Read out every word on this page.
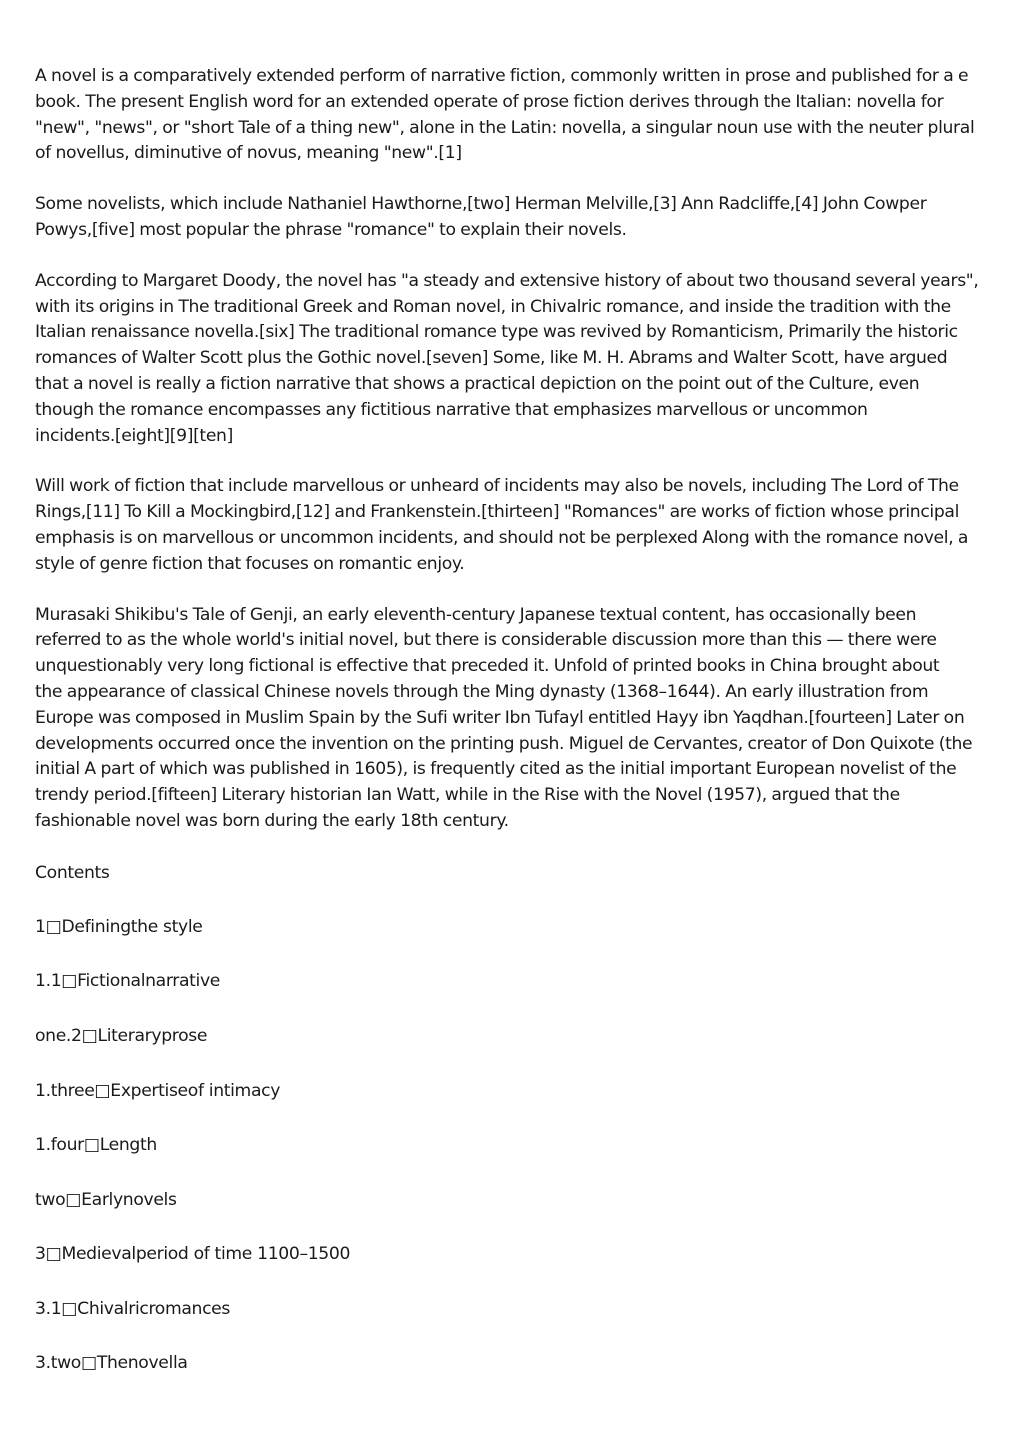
A novel is a comparatively extended perform of narrative fiction, commonly written in prose and published for a e
book. The present English word for an extended operate of prose fiction derives through the Italian: novella for
"new", "news", or "short Tale of a thing new", alone in the Latin: novella, a singular noun use with the neuter plural
of novellus, diminutive of novus, meaning "new".[1]
Some novelists, which include Nathaniel Hawthorne,[two] Herman Melville,[3] Ann Radcliffe,[4] John Cowper
Powys,[five] most popular the phrase "romance" to explain their novels.
According to Margaret Doody, the novel has "a steady and extensive history of about two thousand several years",
with its origins in The traditional Greek and Roman novel, in Chivalric romance, and inside the tradition with the
Italian renaissance novella.[six] The traditional romance type was revived by Romanticism, Primarily the historic
romances of Walter Scott plus the Gothic novel.[seven] Some, like M. H. Abrams and Walter Scott, have argued
that a novel is really a fiction narrative that shows a practical depiction on the point out of the Culture, even
though the romance encompasses any fictitious narrative that emphasizes marvellous or uncommon
incidents.[eight][9][ten]
Will work of fiction that include marvellous or unheard of incidents may also be novels, including The Lord of The
Rings,[11] To Kill a Mockingbird,[12] and Frankenstein.[thirteen] "Romances" are works of fiction whose principal
emphasis is on marvellous or uncommon incidents, and should not be perplexed Along with the romance novel, a
style of genre fiction that focuses on romantic enjoy.
Murasaki Shikibu's Tale of Genji, an early eleventh-century Japanese textual content, has occasionally been
referred to as the whole world's initial novel, but there is considerable discussion more than this — there were
unquestionably very long fictional is effective that preceded it. Unfold of printed books in China brought about
the appearance of classical Chinese novels through the Ming dynasty (1368–1644). An early illustration from
Europe was composed in Muslim Spain by the Sufi writer Ibn Tufayl entitled Hayy ibn Yaqdhan.[fourteen] Later on
developments occurred once the invention on the printing push. Miguel de Cervantes, creator of Don Quixote (the
initial A part of which was published in 1605), is frequently cited as the initial important European novelist of the
trendy period.[fifteen] Literary historian Ian Watt, while in the Rise with the Novel (1957), argued that the
fashionable novel was born during the early 18th century.
Contents
1□Definingthe style
1.1□Fictionalnarrative
one.2□Literaryprose
1.three□Expertiseof intimacy
1.four□Length
two□Earlynovels
3□Medievalperiod of time 1100–1500
3.1□Chivalricromances
3.two□Thenovella
